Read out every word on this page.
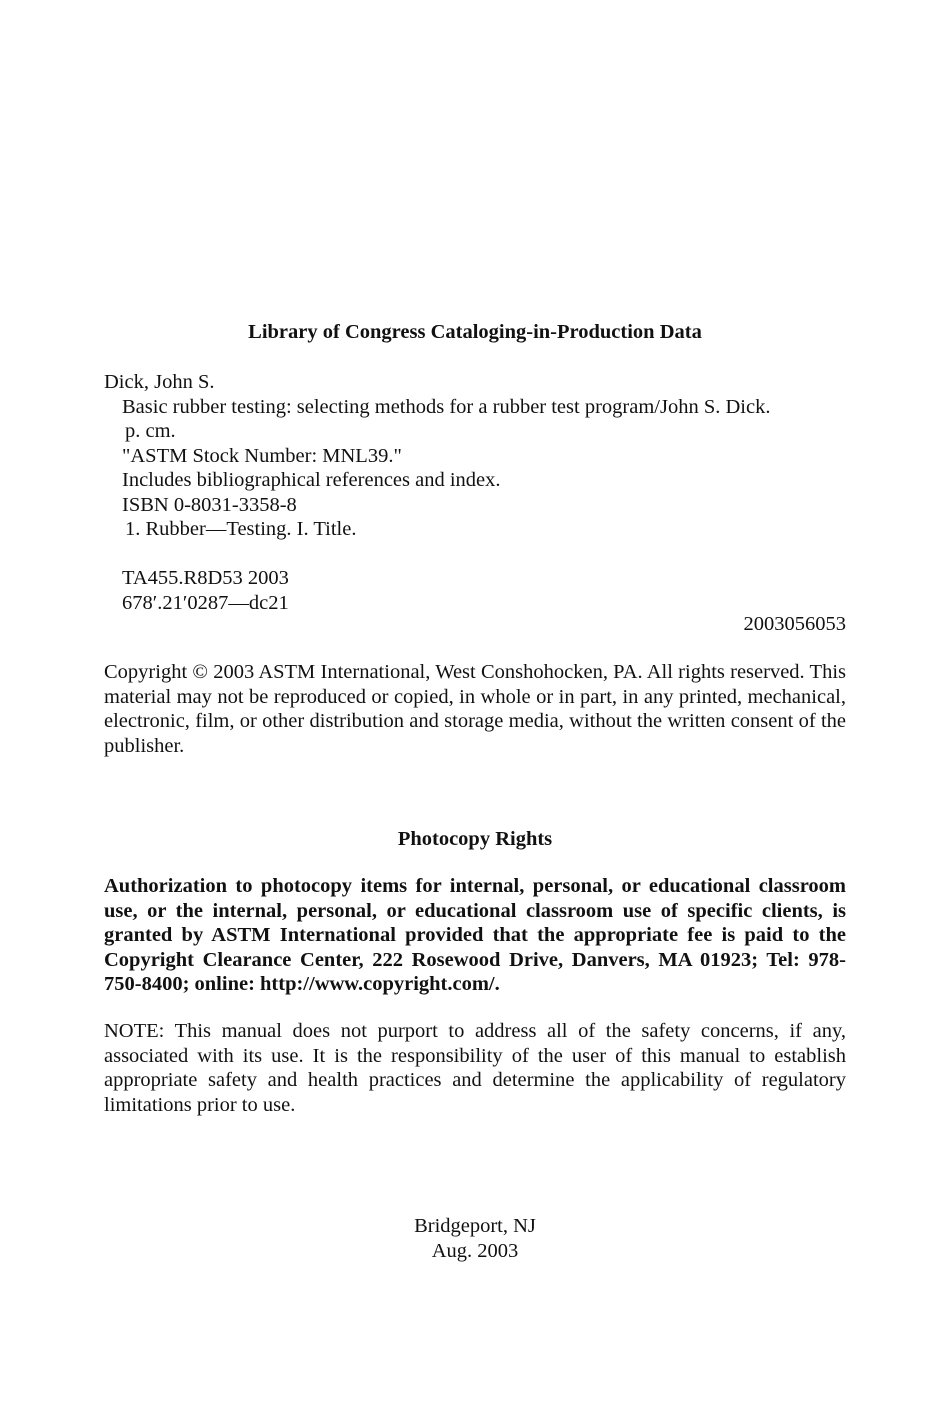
Library of Congress Cataloging-in-Production Data
Dick, John S.
Basic rubber testing: selecting methods for a rubber test program/John S. Dick.
p. cm.
"ASTM Stock Number: MNL39."
Includes bibliographical references and index.
ISBN 0-8031-3358-8
1. Rubber—Testing. I. Title.
TA455.R8D53 2003
678′.21′0287—dc21
2003056053
Copyright © 2003 ASTM International, West Conshohocken, PA. All rights reserved. This material may not be reproduced or copied, in whole or in part, in any printed, mechanical, electronic, film, or other distribution and storage media, without the written consent of the publisher.
Photocopy Rights
Authorization to photocopy items for internal, personal, or educational classroom use, or the internal, personal, or educational classroom use of specific clients, is granted by ASTM International provided that the appropriate fee is paid to the Copyright Clearance Center, 222 Rosewood Drive, Danvers, MA 01923; Tel: 978-750-8400; online: http://www.copyright.com/.
NOTE: This manual does not purport to address all of the safety concerns, if any, associated with its use. It is the responsibility of the user of this manual to establish appropriate safety and health practices and determine the applicability of regulatory limitations prior to use.
Bridgeport, NJ
Aug. 2003
